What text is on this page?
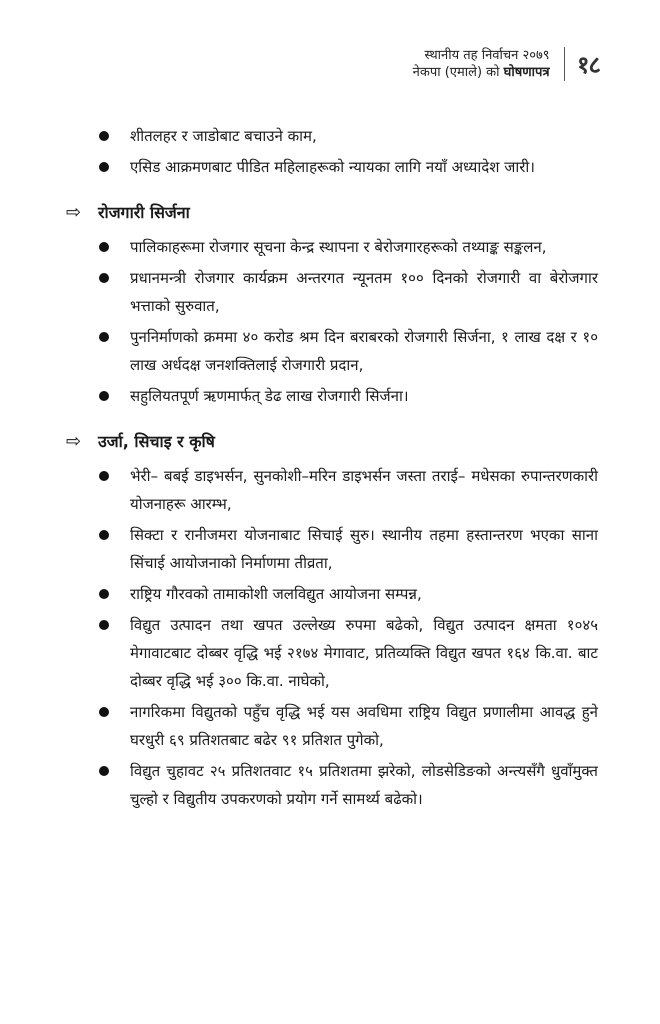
स्थानीय तह निर्वाचन २०७९
नेकपा (एमाले) को घोषणापत्र १८
शीतलहर र जाडोबाट बचाउने काम,
एसिड आक्रमणबाट पीडित महिलाहरूको न्यायका लागि नयाँ अध्यादेश जारी।
⇨	रोजगारी सिर्जना
पालिकाहरूमा रोजगार सूचना केन्द्र स्थापना र बेरोजगारहरूको तथ्याङ्क सङ्कलन,
प्रधानमन्त्री रोजगार कार्यक्रम अन्तरगत न्यूनतम १०० दिनको रोजगारी वा बेरोजगार भत्ताको सुरुवात,
पुननिर्माणको क्रममा ४० करोड श्रम दिन बराबरको रोजगारी सिर्जना, १ लाख दक्ष र १० लाख अर्धदक्ष जनशक्तिलाई रोजगारी प्रदान,
सहुलियतपूर्ण ऋणमार्फत् डेढ लाख रोजगारी सिर्जना।
⇨	उर्जा, सिचाइ र कृषि
भेरी– बबई डाइभर्सन, सुनकोशी–मरिन डाइभर्सन जस्ता तराई– मधेसका रुपान्तरणकारी योजनाहरू आरम्भ,
सिक्टा र रानीजमरा योजनाबाट सिचाई सुरु। स्थानीय तहमा हस्तान्तरण भएका साना सिंचाई आयोजनाको निर्माणमा तीव्रता,
राष्ट्रिय गौरवको तामाकोशी जलविद्युत आयोजना सम्पन्न,
विद्युत उत्पादन तथा खपत उल्लेख्य रुपमा बढेको, विद्युत उत्पादन क्षमता १०४५ मेगावाटबाट दोब्बर वृद्धि भई २१७४ मेगावाट, प्रतिव्यक्ति विद्युत खपत १६४ कि.वा. बाट दोब्बर वृद्धि भई ३०० कि.वा. नाघेको,
नागरिकमा विद्युतको पहुँच वृद्धि भई यस अवधिमा राष्ट्रिय विद्युत प्रणालीमा आवद्ध हुने घरधुरी ६९ प्रतिशतबाट बढेर ९१ प्रतिशत पुगेको,
विद्युत चुहावट २५ प्रतिशतवाट १५ प्रतिशतमा झरेको, लोडसेडिङको अन्त्यसँगै धुवाँमुक्त चुल्हो र विद्युतीय उपकरणको प्रयोग गर्ने सामर्थ्य बढेको।
